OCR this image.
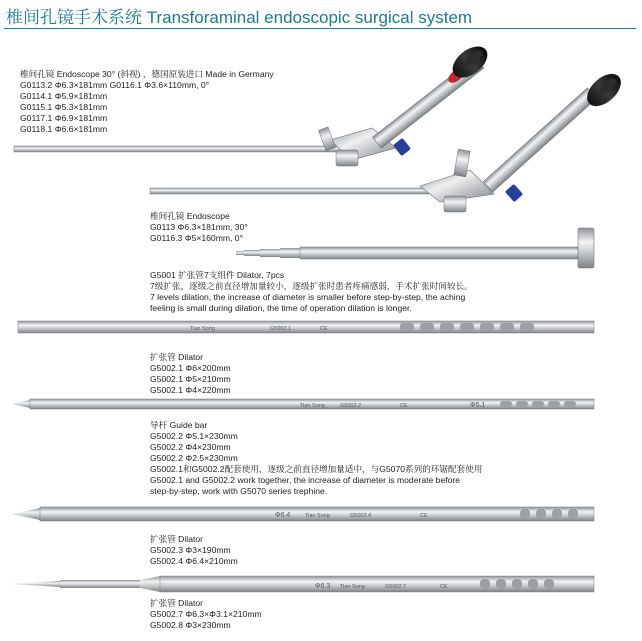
椎间孔镜手术系统 Transforaminal endoscopic surgical system
Tian Song	G5002.1	CE
Tian Song	G5002.2	CE	Φ5.1
Φ6.4	Tian Song	G5002.4	CE
Φ6.3 Tian Song	G5002.7	CE
椎间孔镜 Endoscope 30° (斜视) ，德国原装进口 Made in Germany
G0113.2 Φ6.3×181mm G0116.1 Φ3.6×110mm, 0°
G0114.1 Φ5.9×181mm
G0115.1 Φ5.3×181mm
G0117.1 Φ6.9×181mm
G0118.1 Φ6.6×181mm
椎间孔镜 Endoscope
G0113 Φ6.3×181mm, 30°
G0116.3 Φ5×160mm, 0°
G5001 扩张管7支组件 Dilator, 7pcs
7级扩张，逐级之前直径增加量较小，逐级扩张时患者疼痛感弱，手术扩张时间较长。
7 levels dilation, the increase of diameter is smaller before step-by-step, the aching
feeling is small during dilation, the time of operation dilation is longer.
扩张管 Dilator
G5002.1 Φ6×200mm
G5002.1 Φ5×210mm
G5002.1 Φ4×220mm
导杆 Guide bar
G5002.2 Φ5.1×230mm
G5002.2 Φ4×230mm
G5002.2 Φ2.5×230mm
G5002.1和G5002.2配套使用，逐级之前直径增加量适中，与G5070系列的环锯配套使用
G5002.1 and G5002.2 work together, the increase of diameter is moderate before
step-by-step, work with G5070 series trephine.
扩张管 Dilator
G5002.3 Φ3×190mm
G5002.4 Φ6.4×210mm
扩张管 Dilator
G5002.7 Φ6.3×Φ3.1×210mm
G5002.8 Φ3×230mm
